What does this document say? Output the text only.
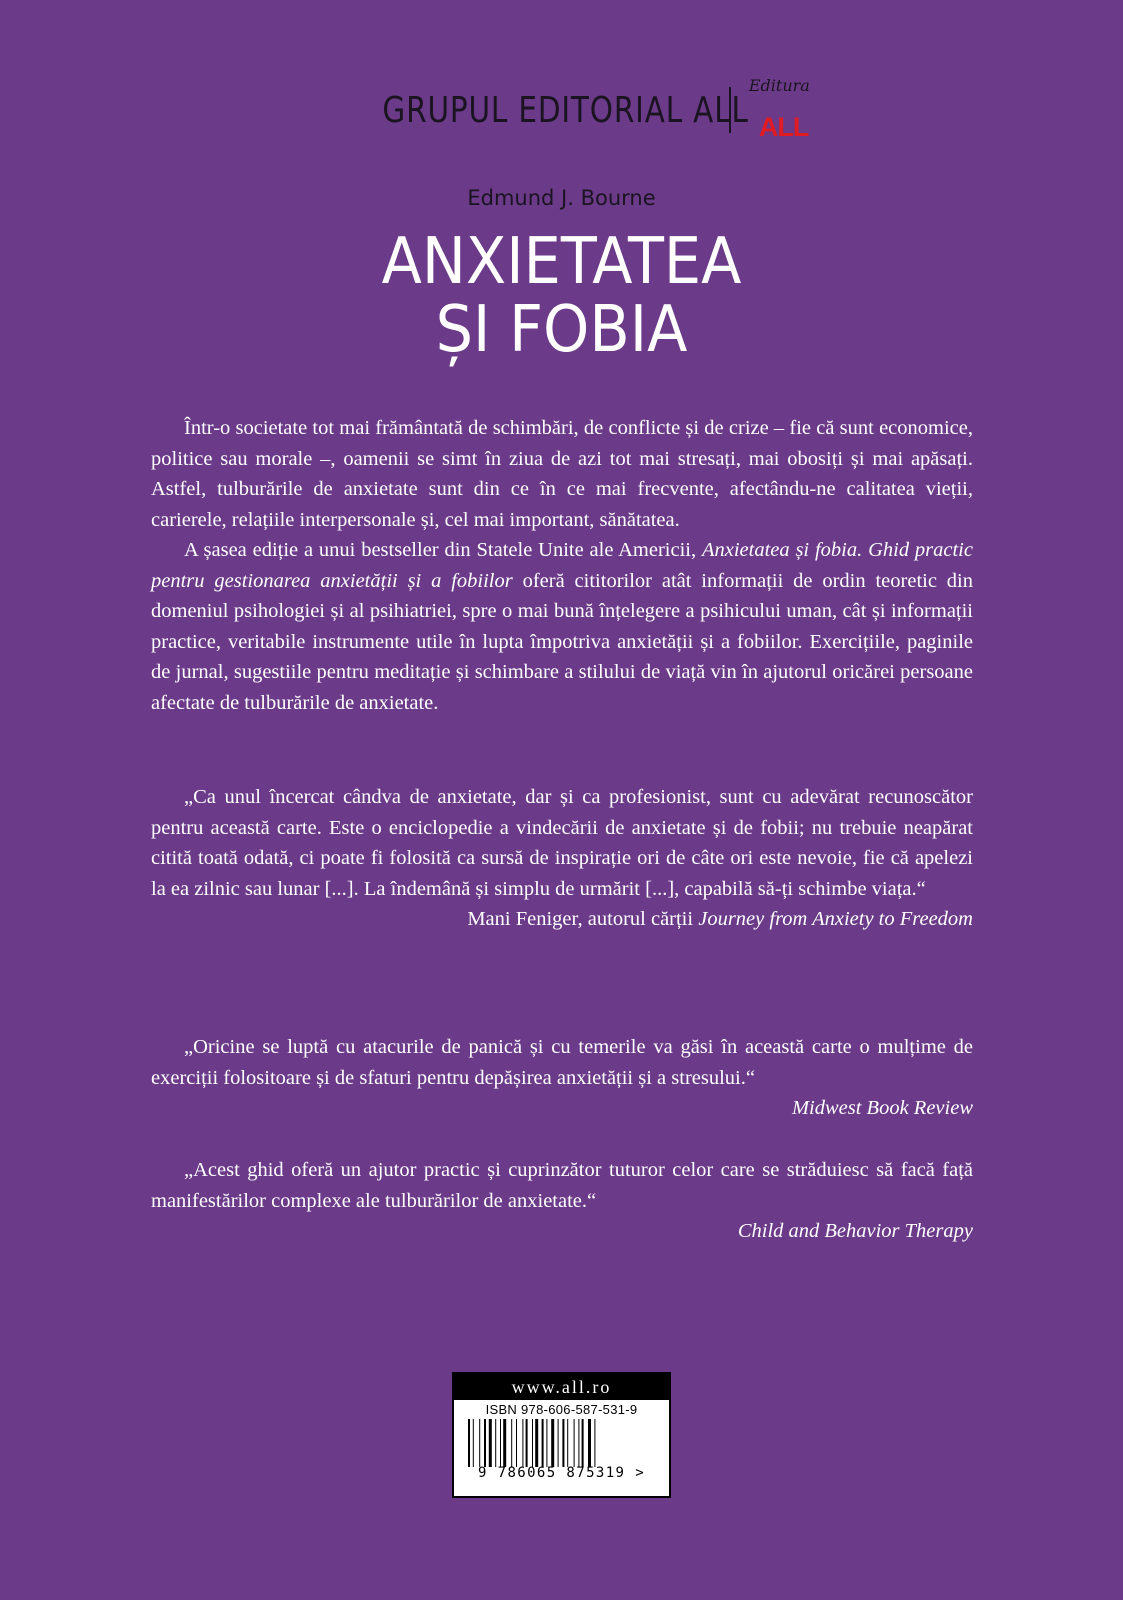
GRUPUL EDITORIAL ALL
Editura
ALL
Edmund J. Bourne
ANXIETATEA
ȘI FOBIA

Într-o societate tot mai frământată de schimbări, de conflicte și de crize – fie că sunt economice, politice sau morale –, oamenii se simt în ziua de azi tot mai stresați, mai obosiți și mai apăsați. Astfel, tulburările de anxietate sunt din ce în ce mai frecvente, afectându-ne calitatea vieții, carierele, relațiile interpersonale și, cel mai important, sănătatea.

A șasea ediție a unui bestseller din Statele Unite ale Americii, Anxietatea și fobia. Ghid practic pentru gestionarea anxietății și a fobiilor oferă cititorilor atât informații de ordin teoretic din domeniul psihologiei și al psihiatriei, spre o mai bună înțelegere a psihicului uman, cât și informații practice, veritabile instrumente utile în lupta împotriva anxietății și a fobiilor. Exercițiile, paginile de jurnal, sugestiile pentru meditație și schimbare a stilului de viață vin în ajutorul oricărei persoane afectate de tulburările de anxietate.

„Ca unul încercat cândva de anxietate, dar și ca profesionist, sunt cu adevărat recunoscător pentru această carte. Este o enciclopedie a vindecării de anxietate și de fobii; nu trebuie neapărat citită toată odată, ci poate fi folosită ca sursă de inspirație ori de câte ori este nevoie, fie că apelezi la ea zilnic sau lunar [...]. La îndemână și simplu de urmărit [...], capabilă să-ți schimbe viața.“

Mani Feniger, autorul cărții Journey from Anxiety to Freedom

„Oricine se luptă cu atacurile de panică și cu temerile va găsi în această carte o mulțime de exerciții folositoare și de sfaturi pentru depășirea anxietății și a stresului.“

Midwest Book Review

„Acest ghid oferă un ajutor practic și cuprinzător tuturor celor care se străduiesc să facă față manifestărilor complexe ale tulburărilor de anxietate.“

Child and Behavior Therapy
www.all.ro
ISBN 978-606-587-531-9
9 786065 875319 >
